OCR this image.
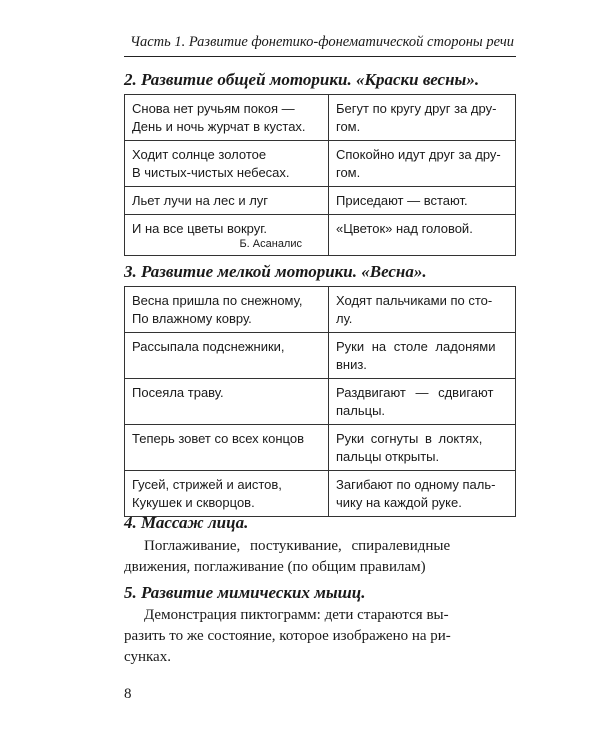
Часть 1. Развитие фонетико-фонематической стороны речи
2. Развитие общей моторики. «Краски весны».
Снова нет ручьям покоя —
День и ночь журчат в кустах.	Бегут по кругу друг за дру-
гом.

Ходит солнце золотое
В чистых-чистых небесах.	Спокойно идут друг за дру-
гом.

Льет лучи на лес и луг	Приседают — встают.

И на все цветы вокруг.
Б. Асаналис	«Цветок» над головой.
3. Развитие мелкой моторики. «Весна».
Весна пришла по снежному,
По влажному ковру.	Ходят пальчиками по сто-
лу.

Рассыпала подснежники,	Руки на столе ладонями
вниз.

Посеяла траву.	Раздвигают — сдвигают
пальцы.

Теперь зовет со всех концов	Руки согнуты в локтях,
пальцы открыты.

Гусей, стрижей и аистов,
Кукушек и скворцов.	Загибают по одному паль-
чику на каждой руке.
4. Массаж лица.
Поглаживание, постукивание, спиралевидные
движения, поглаживание (по общим правилам)
5. Развитие мимических мышц.
Демонстрация пиктограмм: дети стараются вы-
разить то же состояние, которое изображено на ри-
сунках.
8
